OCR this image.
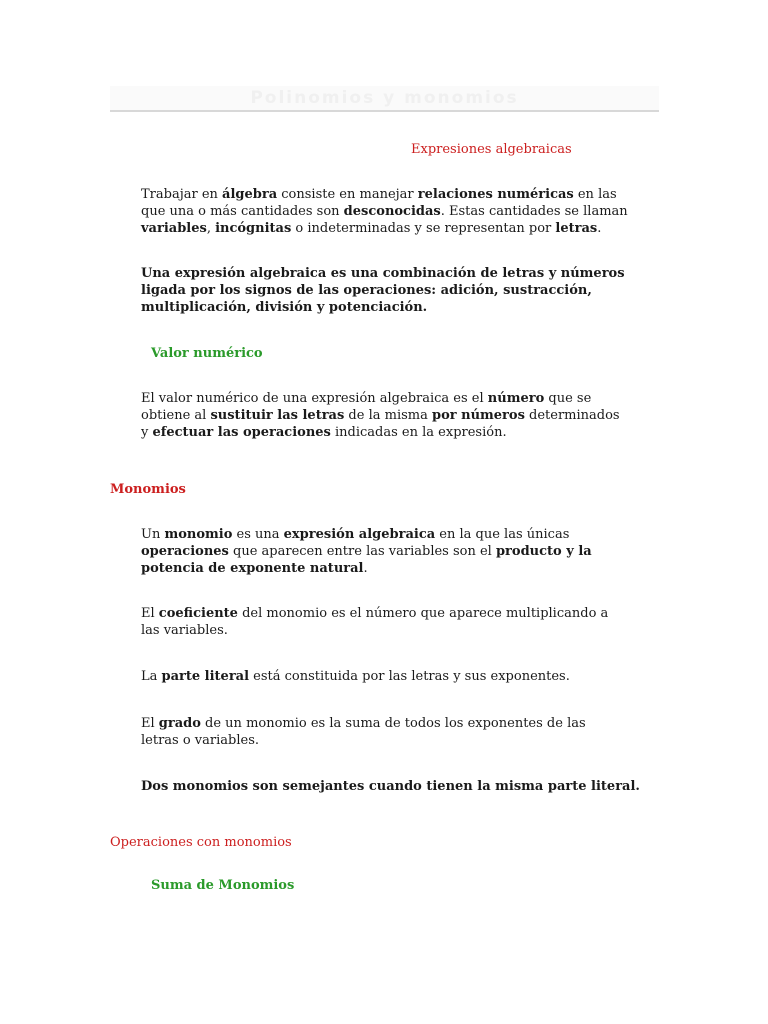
Polinomios y monomios
Expresiones algebraicas
Trabajar en álgebra consiste en manejar relaciones numéricas en las que una o más cantidades son desconocidas. Estas cantidades se llaman variables, incógnitas o indeterminadas y se representan por letras.
Una expresión algebraica es una combinación de letras y números ligada por los signos de las operaciones: adición, sustracción, multiplicación, división y potenciación.
Valor numérico
El valor numérico de una expresión algebraica es el número que se obtiene al sustituir las letras de la misma por números determinados y efectuar las operaciones indicadas en la expresión.
Monomios
Un monomio es una expresión algebraica en la que las únicas operaciones que aparecen entre las variables son el producto y la potencia de exponente natural.
El coeficiente del monomio es el número que aparece multiplicando a las variables.
La parte literal está constituida por las letras y sus exponentes.
El grado de un monomio es la suma de todos los exponentes de las letras o variables.
Dos monomios son semejantes cuando tienen la misma parte literal.
Operaciones con monomios
Suma de Monomios
